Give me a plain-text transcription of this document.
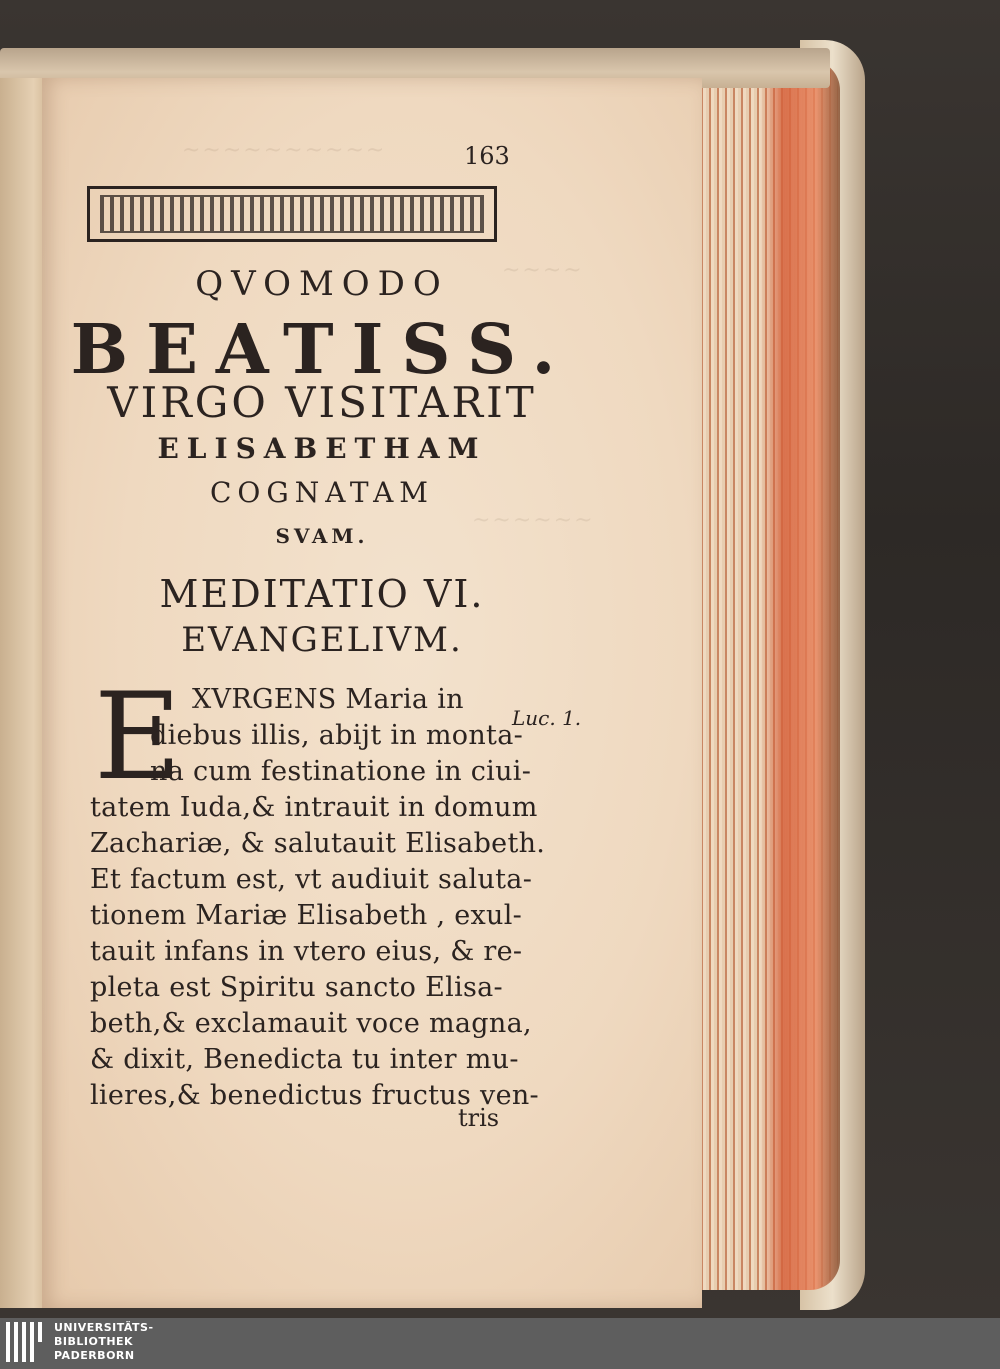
~~~~~~~~~~
~~~~
~~~~~~
163
QVOMODO
BEATISS.
VIRGO VISITARIT
ELISABETHAM
COGNATAM
SVAM.
MEDITATIO VI.
EVANGELIVM.
E XVRGENS Maria in
diebus illis, abijt in monta-
na cum festinatione in ciui-
tatem Iuda,& intrauit in domum
Zachariæ, & salutauit Elisabeth.
Et factum est, vt audiuit saluta-
tionem Mariæ Elisabeth , exul-
tauit infans in vtero eius, & re-
pleta est Spiritu sancto Elisa-
beth,& exclamauit voce magna,
& dixit, Benedicta tu inter mu-
lieres,& benedictus fructus ven-
Luc. 1.
tris
UNIVERSITÄTS-
BIBLIOTHEK
PADERBORN
